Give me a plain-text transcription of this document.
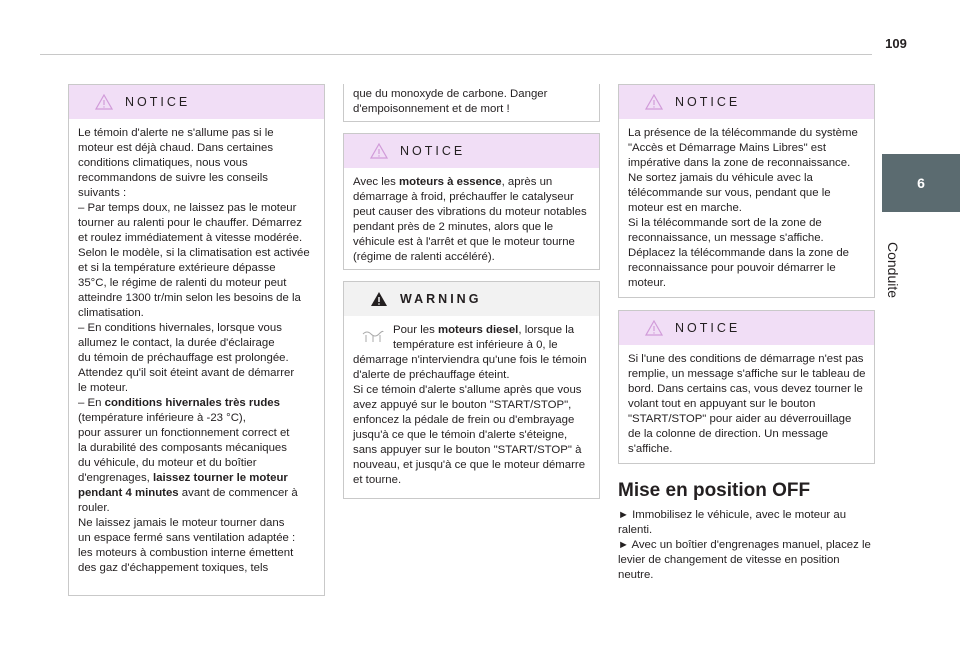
109
6
Conduite
NOTICE

Le témoin d'alerte ne s'allume pas si le

moteur est déjà chaud. Dans certaines

conditions climatiques, nous vous

recommandons de suivre les conseils

suivants :

– Par temps doux, ne laissez pas le moteur

tourner au ralenti pour le chauffer. Démarrez

et roulez immédiatement à vitesse modérée.

Selon le modèle, si la climatisation est activée

et si la température extérieure dépasse

35°C, le régime de ralenti du moteur peut

atteindre 1300 tr/min selon les besoins de la

climatisation.

– En conditions hivernales, lorsque vous

allumez le contact, la durée d'éclairage

du témoin de préchauffage est prolongée.

Attendez qu'il soit éteint avant de démarrer

le moteur.

– En conditions hivernales très rudes (température inférieure à -23 °C),

pour assurer un fonctionnement correct et

la durabilité des composants mécaniques

du véhicule, du moteur et du boîtier

d'engrenages, laissez tourner le moteur pendant 4 minutes avant de commencer à rouler.

Ne laissez jamais le moteur tourner dans

un espace fermé sans ventilation adaptée :

les moteurs à combustion interne émettent

des gaz d'échappement toxiques, tels

que du monoxyde de carbone. Danger

d'empoisonnement et de mort !

NOTICE

Avec les moteurs à essence, après un démarrage à froid, préchauffer le catalyseur peut causer des vibrations du moteur notables pendant près de 2 minutes, alors que le véhicule est à l'arrêt et que le moteur tourne (régime de ralenti accéléré).

WARNING

Pour les moteurs diesel, lorsque la température est inférieure à 0, le démarrage n'interviendra qu'une fois le témoin d'alerte de préchauffage éteint.

Si ce témoin d'alerte s'allume après que vous avez appuyé sur le bouton "START/STOP", enfoncez la pédale de frein ou d'embrayage jusqu'à ce que le témoin d'alerte s'éteigne, sans appuyer sur le bouton "START/STOP" à nouveau, et jusqu'à ce que le moteur démarre et tourne.

NOTICE

La présence de la télécommande du système "Accès et Démarrage Mains Libres" est impérative dans la zone de reconnaissance.

Ne sortez jamais du véhicule avec la télécommande sur vous, pendant que le moteur est en marche.

Si la télécommande sort de la zone de reconnaissance, un message s'affiche.

Déplacez la télécommande dans la zone de reconnaissance pour pouvoir démarrer le moteur.

NOTICE

Si l'une des conditions de démarrage n'est pas remplie, un message s'affiche sur le tableau de bord. Dans certains cas, vous devez tourner le volant tout en appuyant sur le bouton "START/STOP" pour aider au déverrouillage de la colonne de direction. Un message s'affiche.

Mise en position OFF

► Immobilisez le véhicule, avec le moteur au ralenti.

► Avec un boîtier d'engrenages manuel, placez le levier de changement de vitesse en position neutre.
